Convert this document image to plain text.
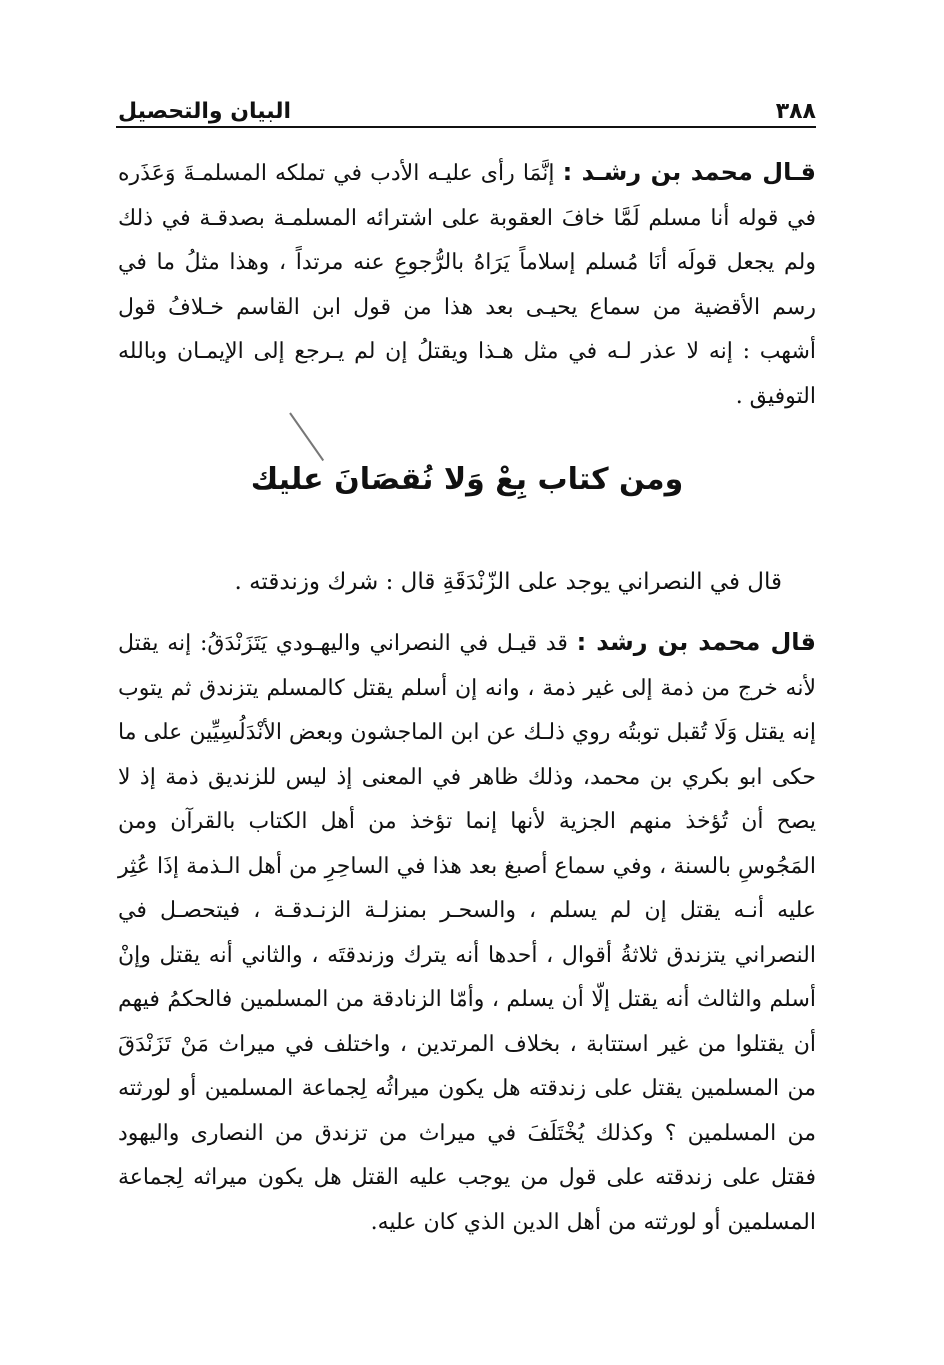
٣٨٨
البيان والتحصيل
قـال محمد بن رشـد : إنَّمَا رأى عليـه الأدب في تملكه المسلمـةَ وَعَذَره في قوله أنا مسلم لَمَّا خافَ العقوبة على اشترائه المسلمـة بصدقـة في ذلك ولم يجعل قولَه أنَا مُسلم إسلاماً يَرَاهُ بالرُّجوعِ عنه مرتداً ، وهذا مثلُ ما في رسم الأقضية من سماع يحيـى بعد هذا من قول ابن القاسم خـلافُ قول أشهب : إنه لا عذر لـه في مثل هـذا ويقتلُ إن لم يـرجع إلى الإيمـان وبالله التوفيق .
ومن كتاب بِعْ وَلا نُقصَانَ عليك
قال في النصراني يوجد على الزّنْدَقَةِ قال : شرك وزندقته .
قال محمد بن رشد : قد قيـل في النصراني واليهـودي يَتَزَنْدَقُ: إنه يقتل لأنه خرج من ذمة إلى غير ذمة ، وانه إن أسلم يقتل كالمسلم يتزندق ثم يتوب إنه يقتل وَلَا تُقبل توبتُه روي ذلـك عن ابن الماجشون وبعض الأنْدَلُسِيِّين على ما حكى ابو بكري بن محمد، وذلك ظاهر في المعنى إذ ليس للزنديق ذمة إذ لا يصح أن تُؤخذ منهم الجزية لأنها إنما تؤخذ من أهل الكتاب بالقرآن ومن المَجُوسِ بالسنة ، وفي سماع أصبغ بعد هذا في الساحِرِ من أهل الـذمة إذَا عُثِر عليه أنـه يقتل إن لم يسلم ، والسحـر بمنزلـة الزنـدقـة ، فيتحصـل في النصراني يتزندق ثلاثةُ أقوال ، أحدها أنه يترك وزندقتَه ، والثاني أنه يقتل وإنْ أسلم والثالث أنه يقتل إلّا أن يسلم ، وأمّا الزنادقة من المسلمين فالحكمُ فيهم أن يقتلوا من غير استتابة ، بخلاف المرتدين ، واختلف في ميراث مَنْ تَزَنْدَقَ من المسلمين يقتل على زندقته هل يكون ميراثُه لِجماعة المسلمين أو لورثته من المسلمين ؟ وكذلك يُخْتَلَفَ في ميراث من تزندق من النصارى واليهود فقتل على زندقته على قول من يوجب عليه القتل هل يكون ميراثه لِجماعة المسلمين أو لورثته من أهل الدين الذي كان عليه.
